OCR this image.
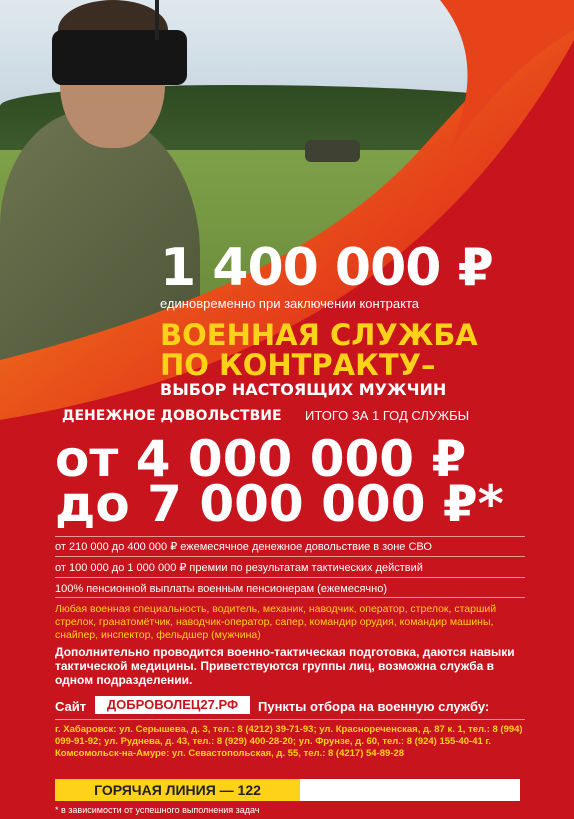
1 400 000 ₽
единовременно при заключении контракта
ВОЕННАЯ СЛУЖБА
ПО КОНТРАКТУ–
ВЫБОР НАСТОЯЩИХ МУЖЧИН
ДЕНЕЖНОЕ ДОВОЛЬСТВИЕ ИТОГО ЗА 1 ГОД СЛУЖБЫ
от 4 000 000 ₽
до 7 000 000 ₽*
от 210 000 до 400 000 ₽ ежемесячное денежное довольствие в зоне СВО
от 100 000 до 1 000 000 ₽ премии по результатам тактических действий
100% пенсионной выплаты военным пенсионерам (ежемесячно)
Любая военная специальность, водитель, механик, наводчик, оператор, стрелок, старший стрелок, гранатомётчик, наводчик-оператор, сапер, командир орудия, командир машины, снайпер, инспектор, фельдшер (мужчина)
Дополнительно проводится военно-тактическая подготовка, даются навыки тактической медицины. Приветствуются группы лиц, возможна служба в одном подразделении.
Сайт	ДОБРОВОЛЕЦ27.РФ	Пункты отбора на военную службу:
г. Хабаровск: ул. Серышева, д. 3, тел.: 8 (4212) 39-71-93; ул. Краснореченская, д. 87 к. 1, тел.: 8 (994) 099-91-92; ул. Руднева, д. 43, тел.: 8 (929) 400-28-20; ул. Фрунзе, д. 60, тел.: 8 (924) 155-40-41 г. Комсомольск-на-Амуре: ул. Севастопольская, д. 55, тел.: 8 (4217) 54-89-28
ГОРЯЧАЯ ЛИНИЯ — 122
* в зависимости от успешного выполнения задач
